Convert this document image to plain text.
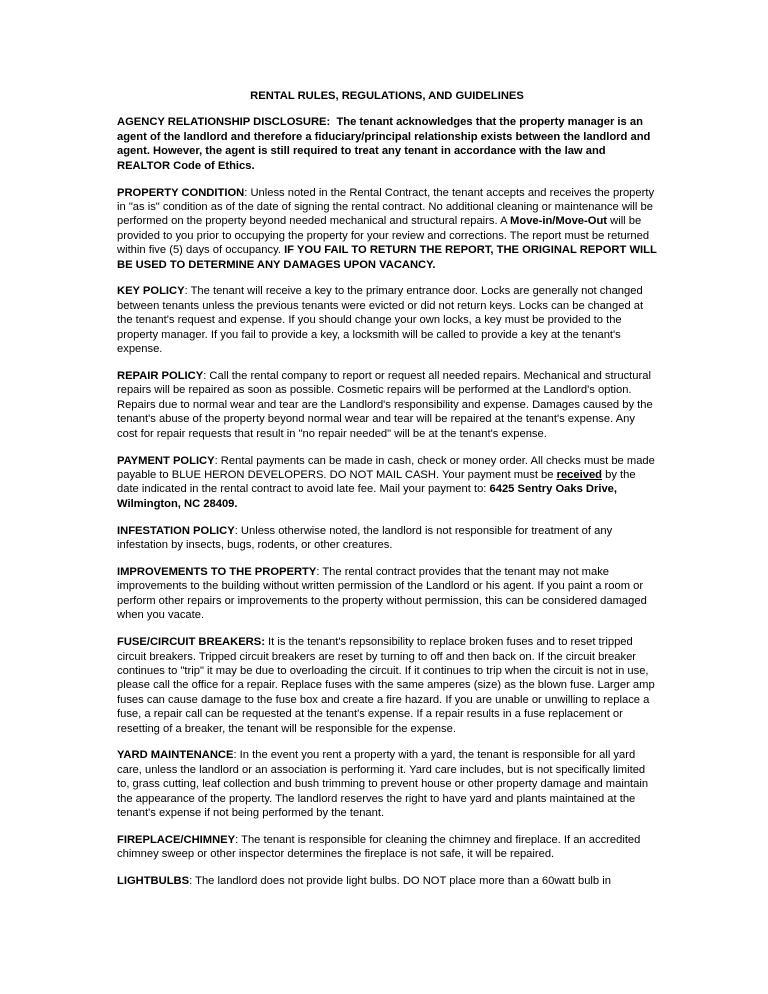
RENTAL RULES, REGULATIONS, AND GUIDELINES

AGENCY RELATIONSHIP DISCLOSURE: The tenant acknowledges that the property manager is an agent of the landlord and therefore a fiduciary/principal relationship exists between the landlord and agent. However, the agent is still required to treat any tenant in accordance with the law and REALTOR Code of Ethics.

PROPERTY CONDITION: Unless noted in the Rental Contract, the tenant accepts and receives the property in "as is" condition as of the date of signing the rental contract. No additional cleaning or maintenance will be performed on the property beyond needed mechanical and structural repairs. A Move-in/Move-Out will be provided to you prior to occupying the property for your review and corrections. The report must be returned within five (5) days of occupancy. IF YOU FAIL TO RETURN THE REPORT, THE ORIGINAL REPORT WILL BE USED TO DETERMINE ANY DAMAGES UPON VACANCY.

KEY POLICY: The tenant will receive a key to the primary entrance door. Locks are generally not changed between tenants unless the previous tenants were evicted or did not return keys. Locks can be changed at the tenant's request and expense. If you should change your own locks, a key must be provided to the property manager. If you fail to provide a key, a locksmith will be called to provide a key at the tenant's expense.

REPAIR POLICY: Call the rental company to report or request all needed repairs. Mechanical and structural repairs will be repaired as soon as possible. Cosmetic repairs will be performed at the Landlord's option. Repairs due to normal wear and tear are the Landlord's responsibility and expense. Damages caused by the tenant's abuse of the property beyond normal wear and tear will be repaired at the tenant's expense. Any cost for repair requests that result in "no repair needed" will be at the tenant's expense.

PAYMENT POLICY: Rental payments can be made in cash, check or money order. All checks must be made payable to BLUE HERON DEVELOPERS. DO NOT MAIL CASH. Your payment must be received by the date indicated in the rental contract to avoid late fee. Mail your payment to: 6425 Sentry Oaks Drive, Wilmington, NC 28409.

INFESTATION POLICY: Unless otherwise noted, the landlord is not responsible for treatment of any infestation by insects, bugs, rodents, or other creatures.

IMPROVEMENTS TO THE PROPERTY: The rental contract provides that the tenant may not make improvements to the building without written permission of the Landlord or his agent. If you paint a room or perform other repairs or improvements to the property without permission, this can be considered damaged when you vacate.

FUSE/CIRCUIT BREAKERS: It is the tenant's repsonsibility to replace broken fuses and to reset tripped circuit breakers. Tripped circuit breakers are reset by turning to off and then back on. If the circuit breaker continues to "trip" it may be due to overloading the circuit. If it continues to trip when the circuit is not in use, please call the office for a repair. Replace fuses with the same amperes (size) as the blown fuse. Larger amp fuses can cause damage to the fuse box and create a fire hazard. If you are unable or unwilling to replace a fuse, a repair call can be requested at the tenant's expense. If a repair results in a fuse replacement or resetting of a breaker, the tenant will be responsible for the expense.

YARD MAINTENANCE: In the event you rent a property with a yard, the tenant is responsible for all yard care, unless the landlord or an association is performing it. Yard care includes, but is not specifically limited to, grass cutting, leaf collection and bush trimming to prevent house or other property damage and maintain the appearance of the property. The landlord reserves the right to have yard and plants maintained at the tenant's expense if not being performed by the tenant.

FIREPLACE/CHIMNEY: The tenant is responsible for cleaning the chimney and fireplace. If an accredited chimney sweep or other inspector determines the fireplace is not safe, it will be repaired.

LIGHTBULBS: The landlord does not provide light bulbs. DO NOT place more than a 60watt bulb in
